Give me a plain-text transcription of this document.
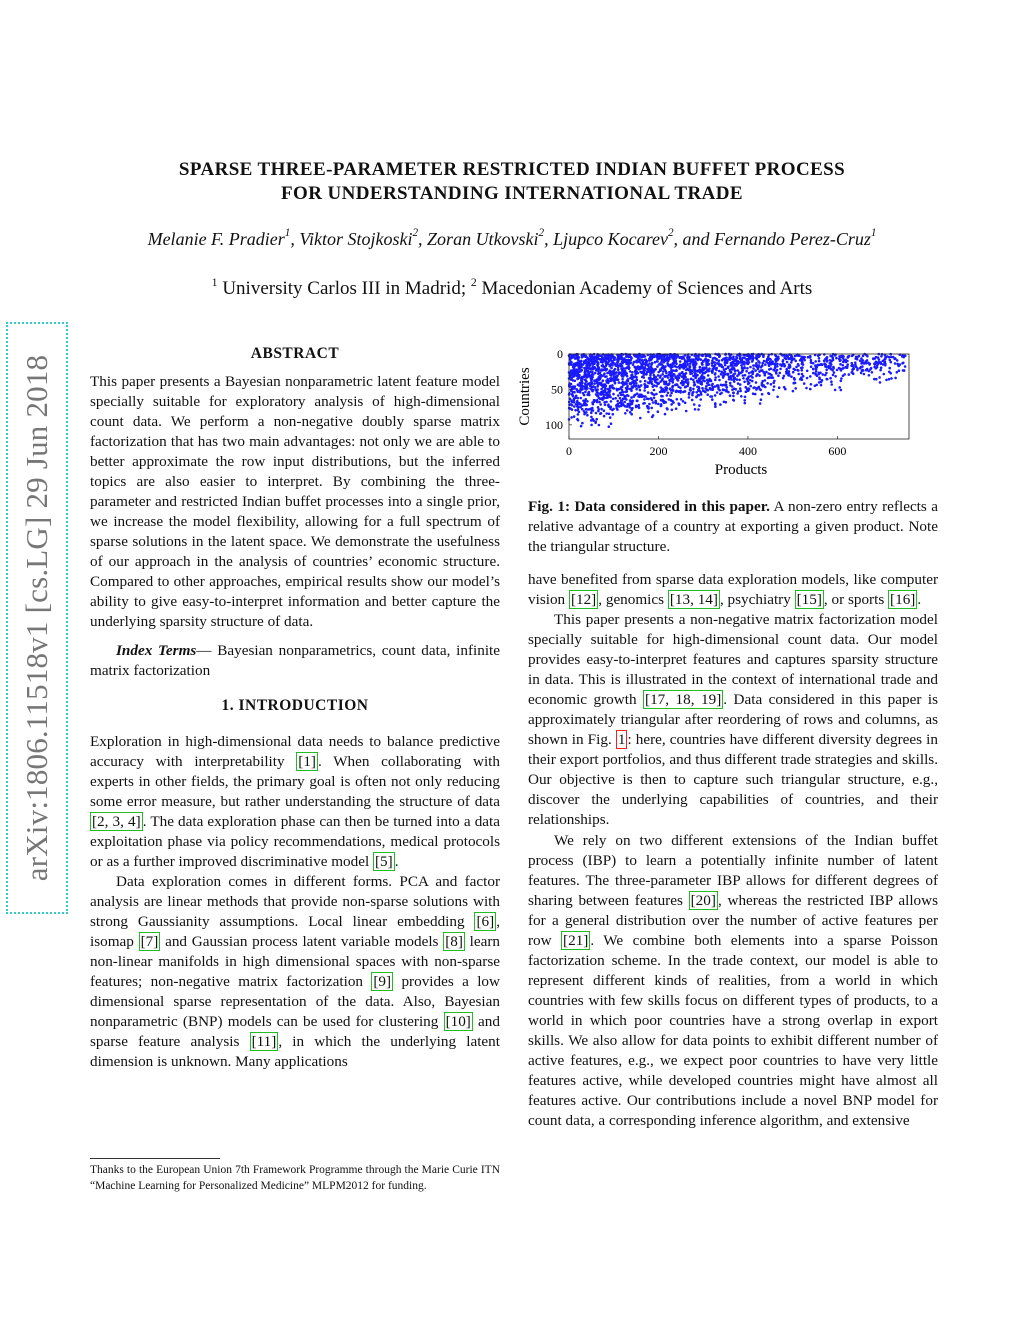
arXiv:1806.11518v1 [cs.LG] 29 Jun 2018
SPARSE THREE-PARAMETER RESTRICTED INDIAN BUFFET PROCESS
FOR UNDERSTANDING INTERNATIONAL TRADE
Melanie F. Pradier$^1$, Viktor Stojkoski$^2$, Zoran Utkovski$^2$, Ljupco Kocarev$^2$, and Fernando Perez-Cruz$^1$
$^1$ University Carlos III in Madrid; $^2$ Macedonian Academy of Sciences and Arts
ABSTRACT

This paper presents a Bayesian nonparametric latent feature model specially suitable for exploratory analysis of high-dimensional count data. We perform a non-negative doubly sparse matrix factorization that has two main advantages: not only we are able to better approximate the row input distributions, but the inferred topics are also easier to interpret. By combining the three-parameter and restricted Indian buffet processes into a single prior, we increase the model flexibility, allowing for a full spectrum of sparse solutions in the latent space. We demonstrate the usefulness of our approach in the analysis of countries’ economic structure. Compared to other approaches, empirical results show our model’s ability to give easy-to-interpret information and better capture the underlying sparsity structure of data.

Index Terms— Bayesian nonparametrics, count data, infinite matrix factorization

1. INTRODUCTION

Exploration in high-dimensional data needs to balance predictive accuracy with interpretability [1] . When collaborating with experts in other fields, the primary goal is often not only reducing some error measure, but rather understanding the structure of data [2, 3, 4] . The data exploration phase can then be turned into a data exploitation phase via policy recommendations, medical protocols or as a further improved discriminative model [5] .

Data exploration comes in different forms. PCA and factor analysis are linear methods that provide non-sparse solutions with strong Gaussianity assumptions. Local linear embedding [6] , isomap [7] and Gaussian process latent variable models [8] learn non-linear manifolds in high dimensional spaces with non-sparse features; non-negative matrix factorization [9] provides a low dimensional sparse representation of the data. Also, Bayesian nonparametric (BNP) models can be used for clustering [10] and sparse feature analysis [11] , in which the underlying latent dimension is unknown. Many applications

Thanks to the European Union 7th Framework Programme through the Marie Curie ITN “Machine Learning for Personalized Medicine” MLPM2012 for funding.
0	200	400	600
0
50
100
Products
Countries
Fig. 1: Data considered in this paper. A non-zero entry reflects a relative advantage of a country at exporting a given product. Note the triangular structure.

have benefited from sparse data exploration models, like computer vision [12] , genomics [13, 14] , psychiatry [15] , or sports [16] .

This paper presents a non-negative matrix factorization model specially suitable for high-dimensional count data. Our model provides easy-to-interpret features and captures sparsity structure in data. This is illustrated in the context of international trade and economic growth [17, 18, 19] . Data considered in this paper is approximately triangular after reordering of rows and columns, as shown in Fig. 1 : here, countries have different diversity degrees in their export portfolios, and thus different trade strategies and skills. Our objective is then to capture such triangular structure, e.g., discover the underlying capabilities of countries, and their relationships.

We rely on two different extensions of the Indian buffet process (IBP) to learn a potentially infinite number of latent features. The three-parameter IBP allows for different degrees of sharing between features [20] , whereas the restricted IBP allows for a general distribution over the number of active features per row [21] . We combine both elements into a sparse Poisson factorization scheme. In the trade context, our model is able to represent different kinds of realities, from a world in which countries with few skills focus on different types of products, to a world in which poor countries have a strong overlap in export skills. We also allow for data points to exhibit different number of active features, e.g., we expect poor countries to have very little features active, while developed countries might have almost all features active. Our contributions include a novel BNP model for count data, a corresponding inference algorithm, and extensive
